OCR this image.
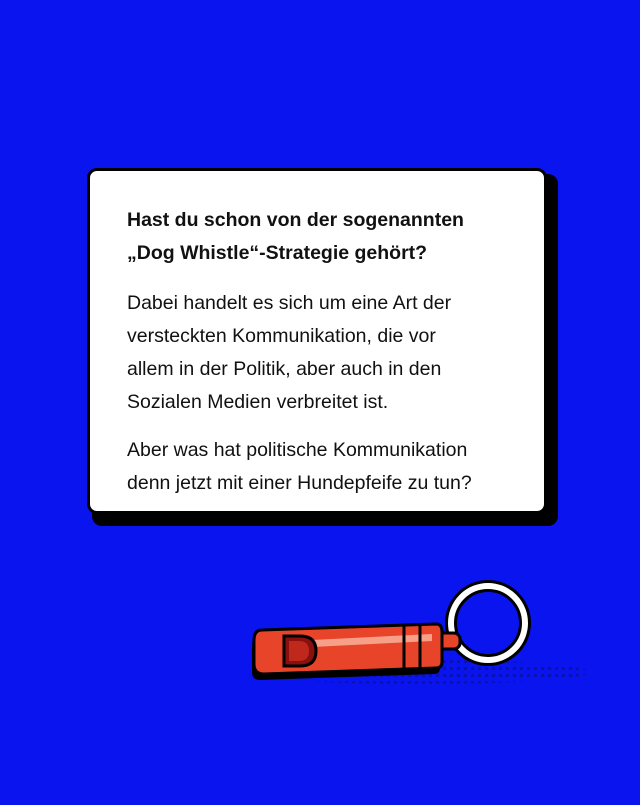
Hast du schon von der sogenannten
„Dog Whistle“-Strategie gehört?

Dabei handelt es sich um eine Art der
versteckten Kommunikation, die vor
allem in der Politik, aber auch in den
Sozialen Medien verbreitet ist.

Aber was hat politische Kommunikation
denn jetzt mit einer Hundepfeife zu tun?
